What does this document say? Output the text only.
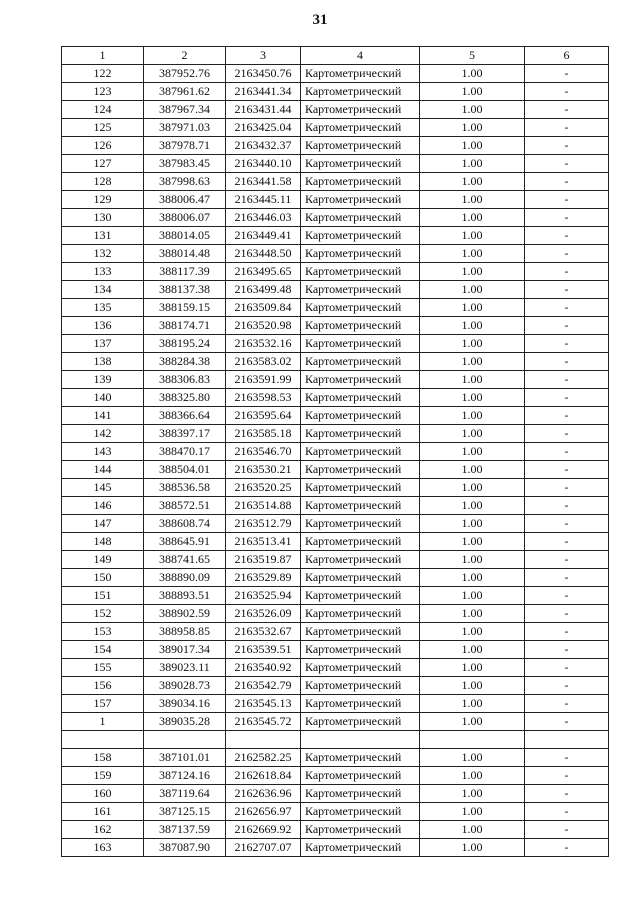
31
1	2	3	4	5	6
122	387952.76	2163450.76	Картометрический	1.00	-
123	387961.62	2163441.34	Картометрический	1.00	-
124	387967.34	2163431.44	Картометрический	1.00	-
125	387971.03	2163425.04	Картометрический	1.00	-
126	387978.71	2163432.37	Картометрический	1.00	-
127	387983.45	2163440.10	Картометрический	1.00	-
128	387998.63	2163441.58	Картометрический	1.00	-
129	388006.47	2163445.11	Картометрический	1.00	-
130	388006.07	2163446.03	Картометрический	1.00	-
131	388014.05	2163449.41	Картометрический	1.00	-
132	388014.48	2163448.50	Картометрический	1.00	-
133	388117.39	2163495.65	Картометрический	1.00	-
134	388137.38	2163499.48	Картометрический	1.00	-
135	388159.15	2163509.84	Картометрический	1.00	-
136	388174.71	2163520.98	Картометрический	1.00	-
137	388195.24	2163532.16	Картометрический	1.00	-
138	388284.38	2163583.02	Картометрический	1.00	-
139	388306.83	2163591.99	Картометрический	1.00	-
140	388325.80	2163598.53	Картометрический	1.00	-
141	388366.64	2163595.64	Картометрический	1.00	-
142	388397.17	2163585.18	Картометрический	1.00	-
143	388470.17	2163546.70	Картометрический	1.00	-
144	388504.01	2163530.21	Картометрический	1.00	-
145	388536.58	2163520.25	Картометрический	1.00	-
146	388572.51	2163514.88	Картометрический	1.00	-
147	388608.74	2163512.79	Картометрический	1.00	-
148	388645.91	2163513.41	Картометрический	1.00	-
149	388741.65	2163519.87	Картометрический	1.00	-
150	388890.09	2163529.89	Картометрический	1.00	-
151	388893.51	2163525.94	Картометрический	1.00	-
152	388902.59	2163526.09	Картометрический	1.00	-
153	388958.85	2163532.67	Картометрический	1.00	-
154	389017.34	2163539.51	Картометрический	1.00	-
155	389023.11	2163540.92	Картометрический	1.00	-
156	389028.73	2163542.79	Картометрический	1.00	-
157	389034.16	2163545.13	Картометрический	1.00	-
1	389035.28	2163545.72	Картометрический	1.00	-

158	387101.01	2162582.25	Картометрический	1.00	-
159	387124.16	2162618.84	Картометрический	1.00	-
160	387119.64	2162636.96	Картометрический	1.00	-
161	387125.15	2162656.97	Картометрический	1.00	-
162	387137.59	2162669.92	Картометрический	1.00	-
163	387087.90	2162707.07	Картометрический	1.00	-
